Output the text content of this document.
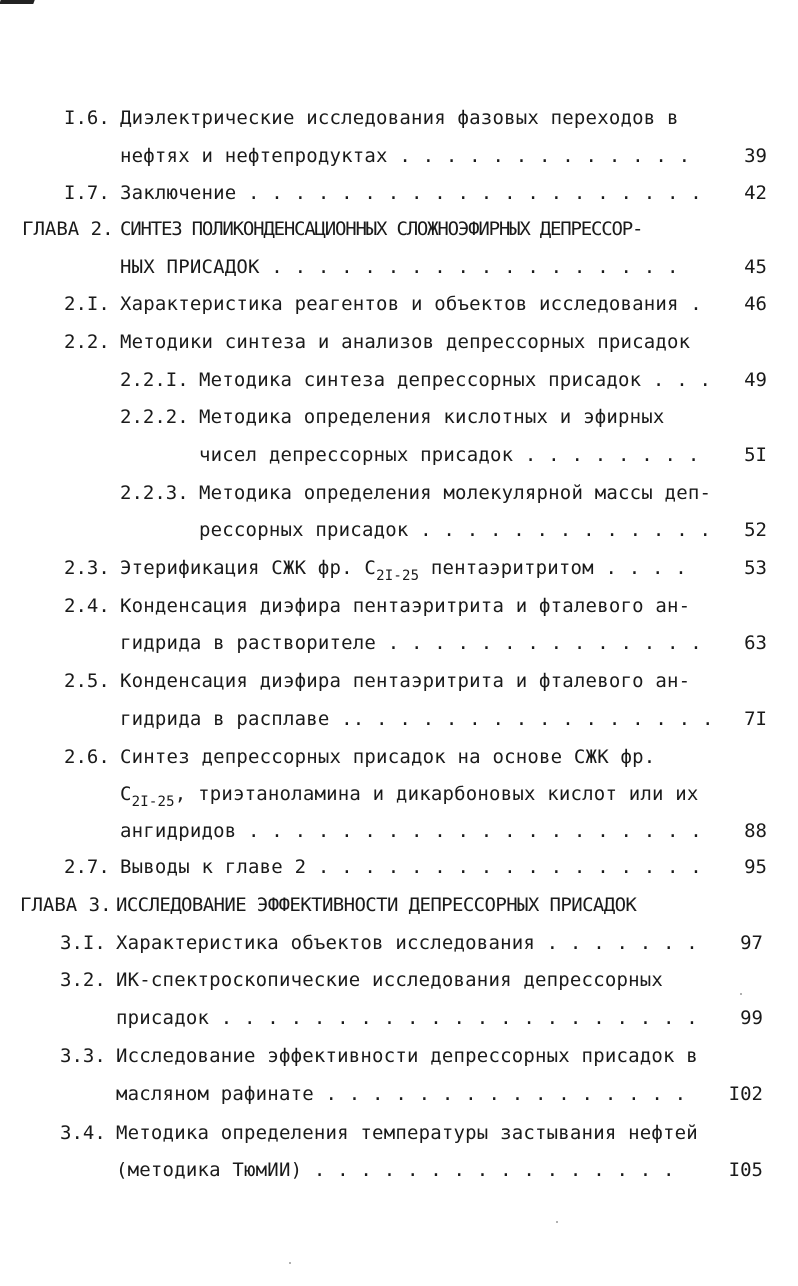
I.6. Диэлектрические исследования фазовых переходов в
нефтях и нефтепродуктах . . . . . . . . . . . . .	39
I.7. Заключение . . . . . . . . . . . . . . . . . . . .	42
ГЛАВА 2. СИНТЕЗ ПОЛИКОНДЕНСАЦИОННЫХ СЛОЖНОЭФИРНЫХ ДЕПРЕССОР-
НЫХ ПРИСАДОК . . . . . . . . . . . . . . . . . .	45
2.I. Характеристика реагентов и объектов исследования .	46
2.2. Методики синтеза и анализов депрессорных присадок
2.2.I. Методика синтеза депрессорных присадок . . .	49
2.2.2. Методика определения кислотных и эфирных
чисел депрессорных присадок . . . . . . . .	5I
2.2.3. Методика определения молекулярной массы деп-
рессорных присадок . . . . . . . . . . . . .	52
2.3. Этерификация СЖК фр. $C_{2I-25}$ пентаэритритом . . . .	53
2.4. Конденсация диэфира пентаэритрита и фталевого ан-
гидрида в растворителе . . . . . . . . . . . . . .	63
2.5. Конденсация диэфира пентаэритрита и фталевого ан-
гидрида в расплаве .. . . . . . . . . . . . . . . .	7I
2.6. Синтез депрессорных присадок на основе СЖК фр.
$C_{2I-25}$, триэтаноламина и дикарбоновых кислот или их
ангидридов . . . . . . . . . . . . . . . . . . . .	88
2.7. Выводы к главе 2 . . . . . . . . . . . . . . . . .	95
ГЛАВА 3. ИССЛЕДОВАНИЕ ЭФФЕКТИВНОСТИ ДЕПРЕССОРНЫХ ПРИСАДОК
3.I. Характеристика объектов исследования . . . . . . .	97
3.2. ИК-спектроскопические исследования депрессорных
присадок . . . . . . . . . . . . . . . . . . . . .	99
3.3. Исследование эффективности депрессорных присадок в
масляном рафинате . . . . . . . . . . . . . . . .	I02
3.4. Методика определения температуры застывания нефтей
(методика ТюмИИ) . . . . . . . . . . . . . . . .	I05
